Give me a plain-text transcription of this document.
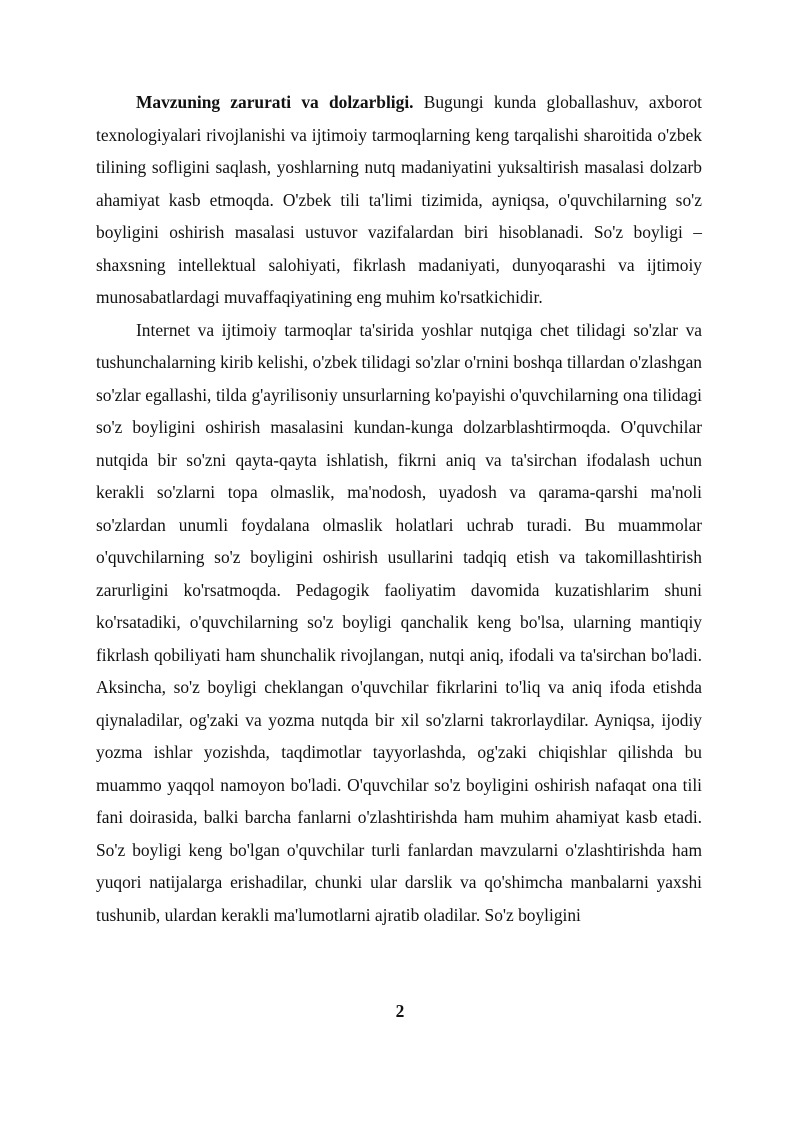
Mavzuning zarurati va dolzarbligi. Bugungi kunda globallashuv, axborot texnologiyalari rivojlanishi va ijtimoiy tarmoqlarning keng tarqalishi sharoitida o'zbek tilining sofligini saqlash, yoshlarning nutq madaniyatini yuksaltirish masalasi dolzarb ahamiyat kasb etmoqda. O'zbek tili ta'limi tizimida, ayniqsa, o'quvchilarning so'z boyligini oshirish masalasi ustuvor vazifalardan biri hisoblanadi. So'z boyligi – shaxsning intellektual salohiyati, fikrlash madaniyati, dunyoqarashi va ijtimoiy munosabatlardagi muvaffaqiyatining eng muhim ko'rsatkichidir.

Internet va ijtimoiy tarmoqlar ta'sirida yoshlar nutqiga chet tilidagi so'zlar va tushunchalarning kirib kelishi, o'zbek tilidagi so'zlar o'rnini boshqa tillardan o'zlashgan so'zlar egallashi, tilda g'ayrilisoniy unsurlarning ko'payishi o'quvchilarning ona tilidagi so'z boyligini oshirish masalasini kundan-kunga dolzarblashtirmoqda. O'quvchilar nutqida bir so'zni qayta-qayta ishlatish, fikrni aniq va ta'sirchan ifodalash uchun kerakli so'zlarni topa olmaslik, ma'nodosh, uyadosh va qarama-qarshi ma'noli so'zlardan unumli foydalana olmaslik holatlari uchrab turadi. Bu muammolar o'quvchilarning so'z boyligini oshirish usullarini tadqiq etish va takomillashtirish zarurligini ko'rsatmoqda. Pedagogik faoliyatim davomida kuzatishlarim shuni ko'rsatadiki, o'quvchilarning so'z boyligi qanchalik keng bo'lsa, ularning mantiqiy fikrlash qobiliyati ham shunchalik rivojlangan, nutqi aniq, ifodali va ta'sirchan bo'ladi. Aksincha, so'z boyligi cheklangan o'quvchilar fikrlarini to'liq va aniq ifoda etishda qiynaladilar, og'zaki va yozma nutqda bir xil so'zlarni takrorlaydilar. Ayniqsa, ijodiy yozma ishlar yozishda, taqdimotlar tayyorlashda, og'zaki chiqishlar qilishda bu muammo yaqqol namoyon bo'ladi. O'quvchilar so'z boyligini oshirish nafaqat ona tili fani doirasida, balki barcha fanlarni o'zlashtirishda ham muhim ahamiyat kasb etadi. So'z boyligi keng bo'lgan o'quvchilar turli fanlardan mavzularni o'zlashtirishda ham yuqori natijalarga erishadilar, chunki ular darslik va qo'shimcha manbalarni yaxshi tushunib, ulardan kerakli ma'lumotlarni ajratib oladilar. So'z boyligini

2
